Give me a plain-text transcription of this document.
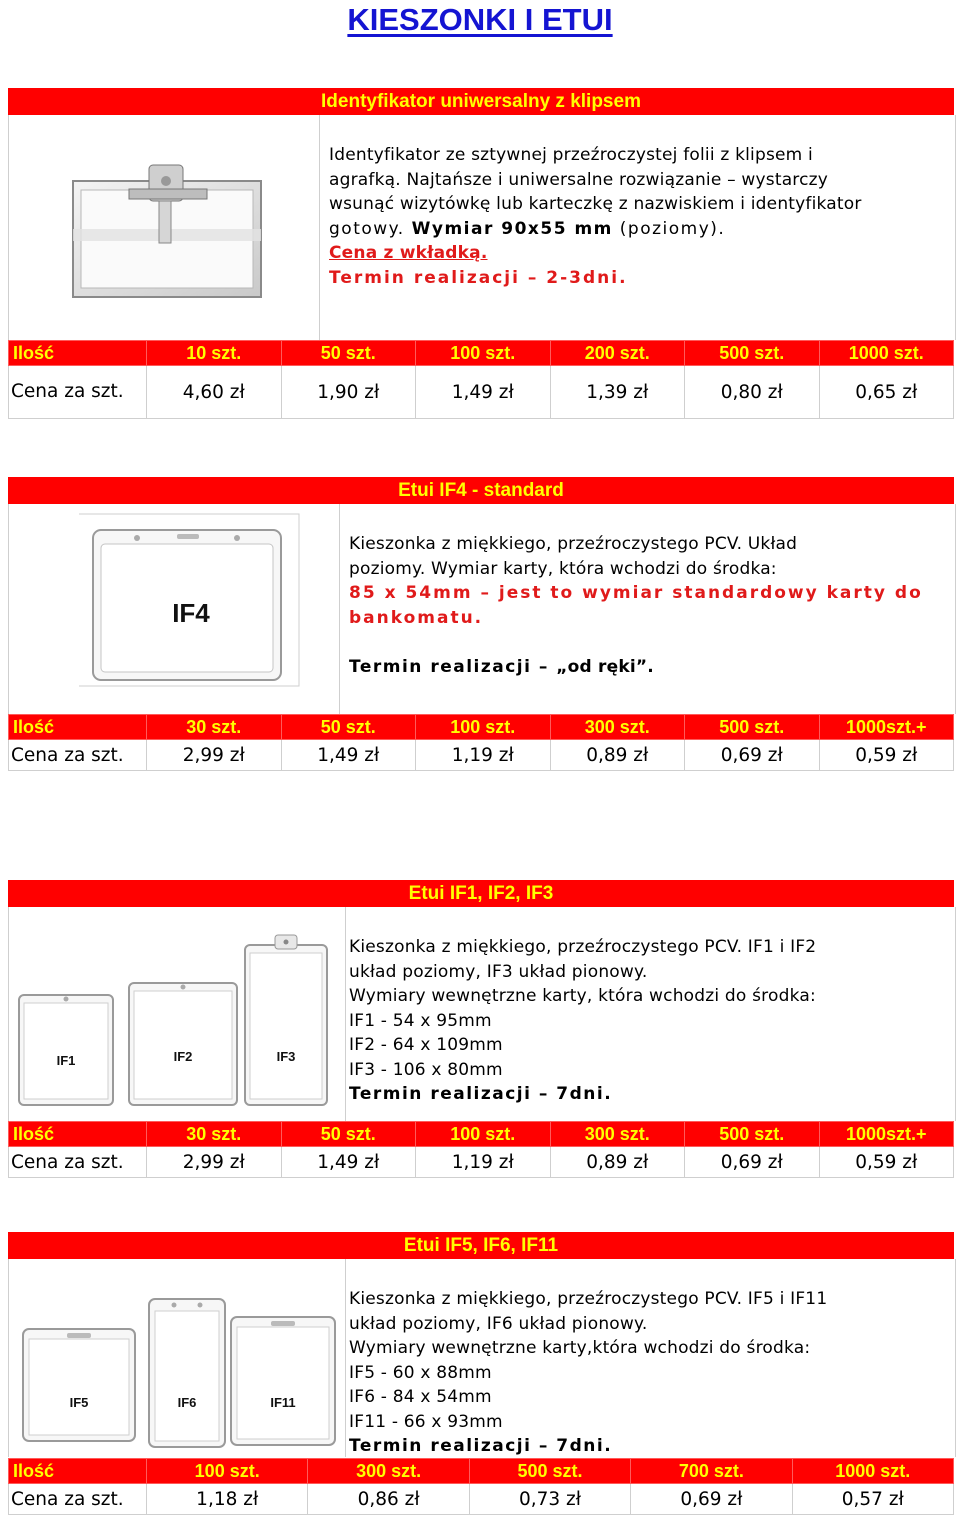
KIESZONKI I ETUI
Identyfikator uniwersalny z klipsem
Identyfikator ze sztywnej przeźroczystej folii z klipsem i
agrafką. Najtańsze i uniwersalne rozwiązanie – wystarczy
wsunąć wizytówkę lub karteczkę z nazwiskiem i identyfikator
gotowy. Wymiar 90x55 mm (poziomy).
Cena z wkładką.
Termin realizacji – 2-3dni.
Ilość	10 szt.	50 szt.	100 szt.	200 szt.	500 szt.	1000 szt.
Cena za szt.	4,60 zł	1,90 zł	1,49 zł	1,39 zł	0,80 zł	0,65 zł
Etui IF4 - standard
IF4
Kieszonka z miękkiego, przeźroczystego PCV. Układ
poziomy. Wymiar karty, która wchodzi do środka:
85 x 54mm – jest to wymiar standardowy karty do
bankomatu.
Termin realizacji – „od ręki”.
Ilość	30 szt.	50 szt.	100 szt.	300 szt.	500 szt.	1000szt.+
Cena za szt.	2,99 zł	1,49 zł	1,19 zł	0,89 zł	0,69 zł	0,59 zł
Etui IF1, IF2, IF3
IF1	IF2	IF3
Kieszonka z miękkiego, przeźroczystego PCV. IF1 i IF2
układ poziomy, IF3 układ pionowy.
Wymiary wewnętrzne karty, która wchodzi do środka:
IF1 - 54 x 95mm
IF2 - 64 x 109mm
IF3 - 106 x 80mm
Termin realizacji – 7dni.
Ilość	30 szt.	50 szt.	100 szt.	300 szt.	500 szt.	1000szt.+
Cena za szt.	2,99 zł	1,49 zł	1,19 zł	0,89 zł	0,69 zł	0,59 zł
Etui IF5, IF6, IF11
IF5	IF6	IF11
Kieszonka z miękkiego, przeźroczystego PCV. IF5 i IF11
układ poziomy, IF6 układ pionowy.
Wymiary wewnętrzne karty,która wchodzi do środka:
IF5 - 60 x 88mm
IF6 - 84 x 54mm
IF11 - 66 x 93mm
Termin realizacji – 7dni.
Ilość	100 szt.	300 szt.	500 szt.	700 szt.	1000 szt.
Cena za szt.	1,18 zł	0,86 zł	0,73 zł	0,69 zł	0,57 zł
